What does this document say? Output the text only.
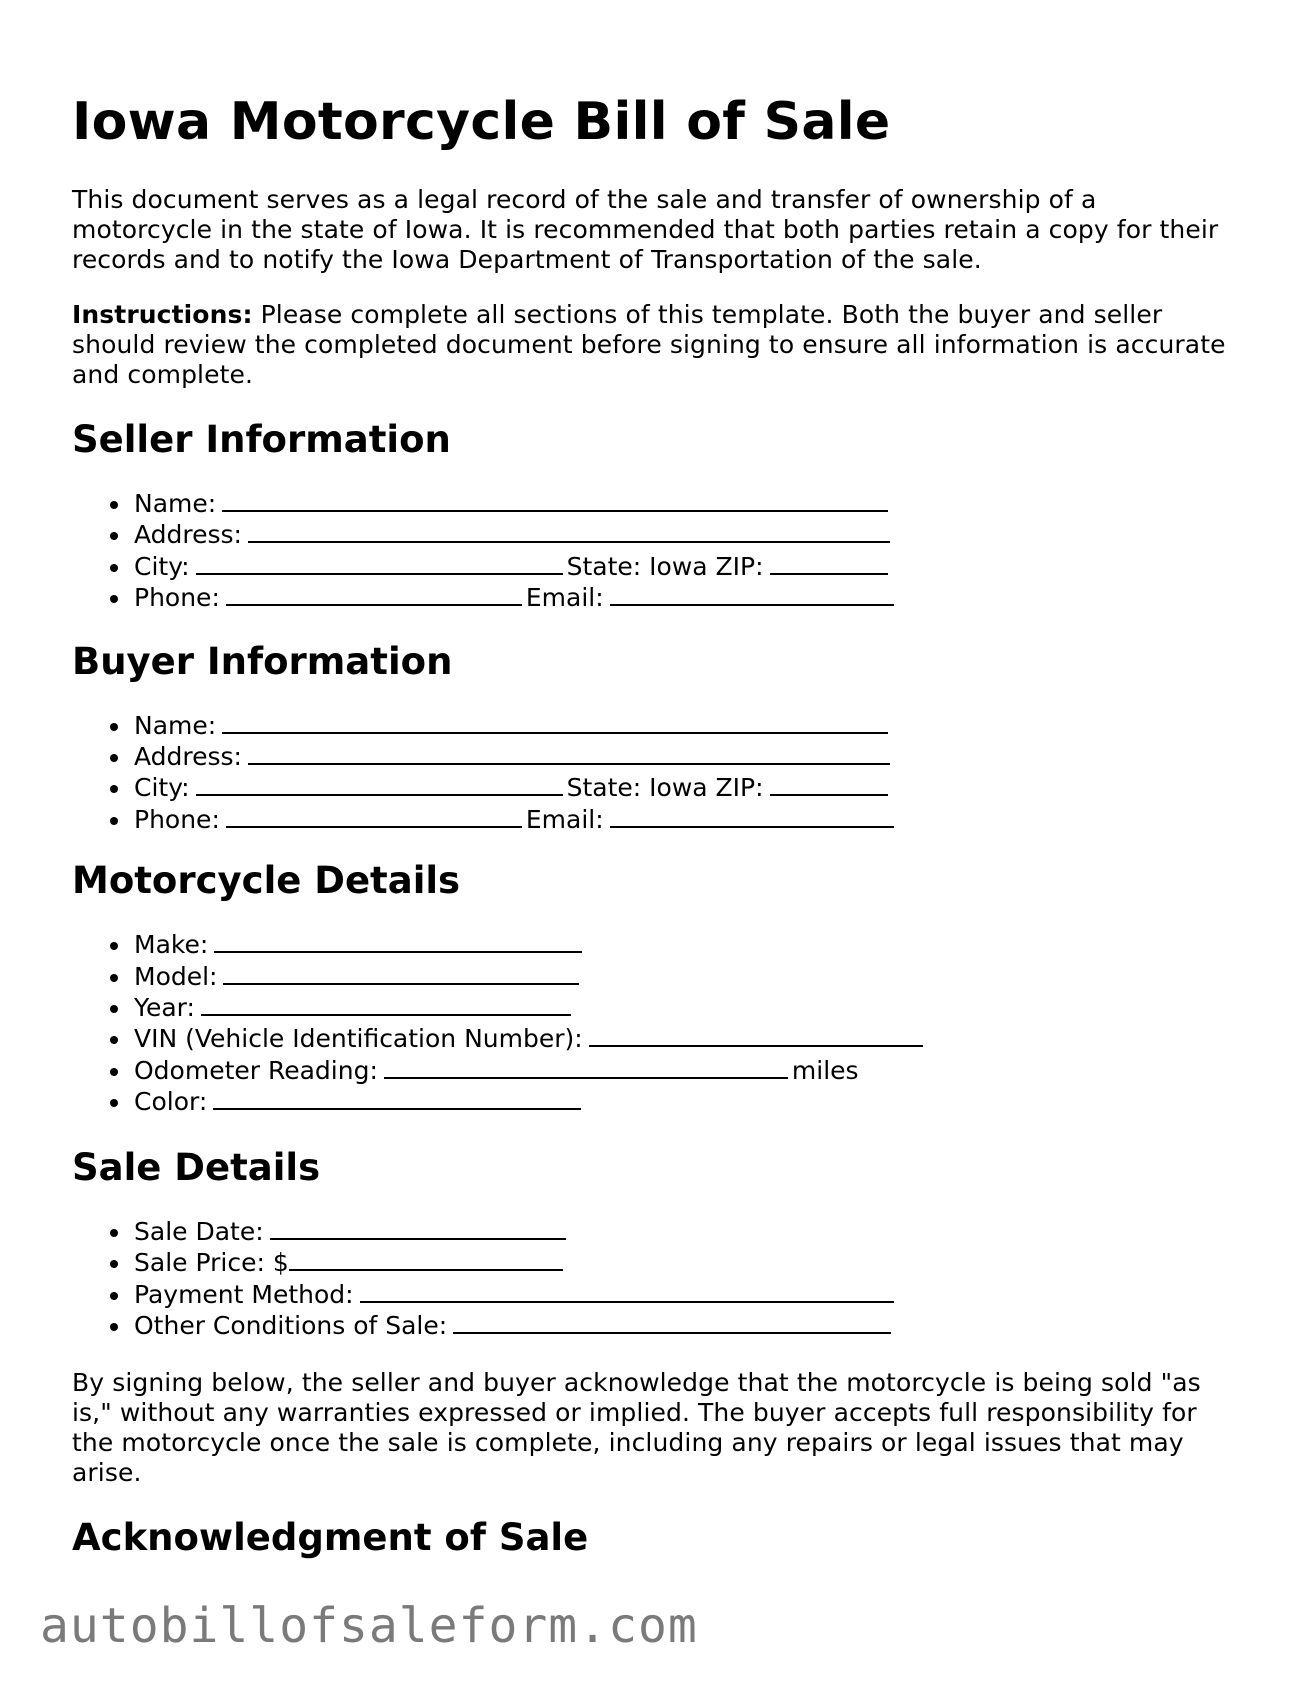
Iowa Motorcycle Bill of Sale

This document serves as a legal record of the sale and transfer of ownership of a motorcycle in the state of Iowa. It is recommended that both parties retain a copy for their records and to notify the Iowa Department of Transportation of the sale.

Instructions: Please complete all sections of this template. Both the buyer and seller should review the completed document before signing to ensure all information is accurate and complete.

Seller Information
Name:
Address:
City:	State: Iowa ZIP:
Phone:	Email:
Buyer Information
Name:
Address:
City:	State: Iowa ZIP:
Phone:	Email:
Motorcycle Details
Make:
Model:
Year:
VIN (Vehicle Identification Number):
Odometer Reading:	miles
Color:
Sale Details
Sale Date:
Sale Price: $
Payment Method:
Other Conditions of Sale:

By signing below, the seller and buyer acknowledge that the motorcycle is being sold "as is," without any warranties expressed or implied. The buyer accepts full responsibility for the motorcycle once the sale is complete, including any repairs or legal issues that may arise.

Acknowledgment of Sale
autobillofsaleform.com
